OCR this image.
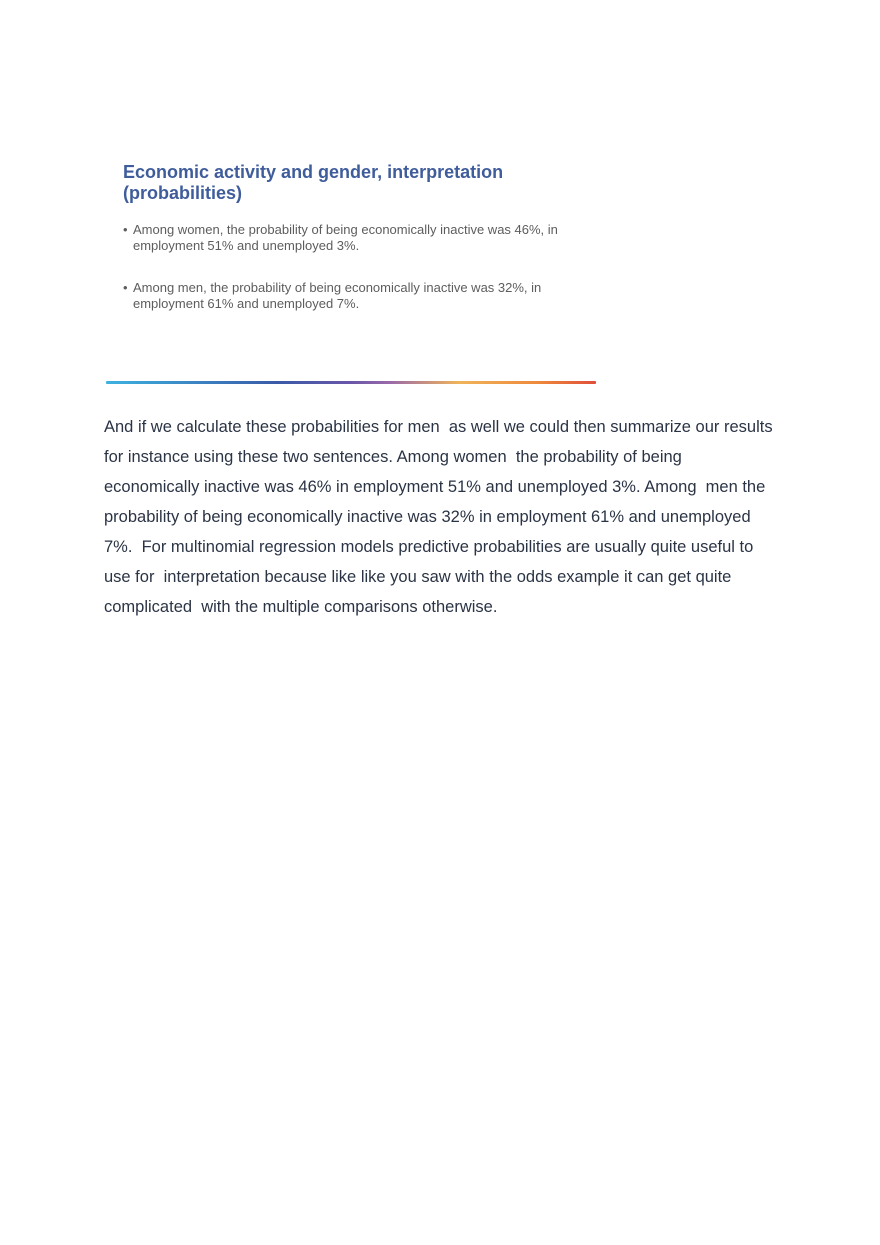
Economic activity and gender, interpretation (probabilities)
• Among women, the probability of being economically inactive was 46%, in employment 51% and unemployed 3%.
• Among men, the probability of being economically inactive was 32%, in employment 61% and unemployed 7%.

And if we calculate these probabilities for men  as well we could then summarize our results for instance using these two sentences. Among women  the probability of being economically inactive was 46% in employment 51% and unemployed 3%. Among  men the probability of being economically inactive was 32% in employment 61% and unemployed 7%.  For multinomial regression models predictive probabilities are usually quite useful to use for  interpretation because like like you saw with the odds example it can get quite complicated  with the multiple comparisons otherwise.
